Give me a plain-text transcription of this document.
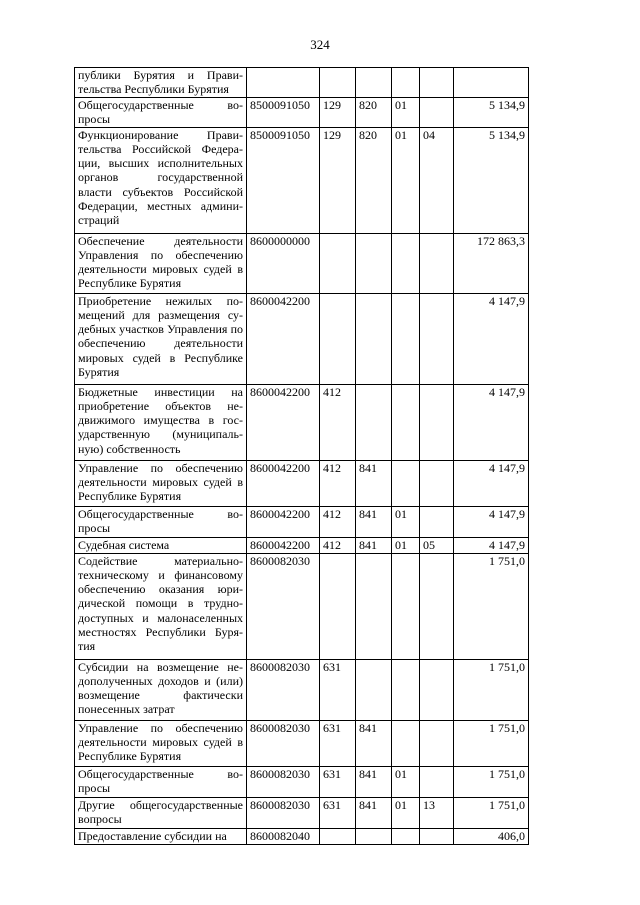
324
публики Бурятия и Прави-тельства Республики Бурятия						
Общегосударственные во-просы	8500091050	129	820	01		5 134,9
Функционирование Прави-тельства Российской Федера-ции, высших исполнительных органов государственной власти субъектов Российской Федерации, местных админи-страций	8500091050	129	820	01	04	5 134,9
Обеспечение деятельности Управления по обеспечению деятельности мировых судей в Республике Бурятия	8600000000					172 863,3
Приобретение нежилых по-мещений для размещения су-дебных участков Управления по обеспечению деятельности мировых судей в Республике Бурятия	8600042200					4 147,9
Бюджетные инвестиции на приобретение объектов не-движимого имущества в гос-ударственную (муниципаль-ную) собственность	8600042200	412				4 147,9
Управление по обеспечению деятельности мировых судей в Республике Бурятия	8600042200	412	841			4 147,9
Общегосударственные во-просы	8600042200	412	841	01		4 147,9
Судебная система	8600042200	412	841	01	05	4 147,9
Содействие материально-техническому и финансовому обеспечению оказания юри-дической помощи в трудно-доступных и малонаселенных местностях Республики Буря-тия	8600082030					1 751,0
Субсидии на возмещение не-дополученных доходов и (или) возмещение фактически понесенных затрат	8600082030	631				1 751,0
Управление по обеспечению деятельности мировых судей в Республике Бурятия	8600082030	631	841			1 751,0
Общегосударственные во-просы	8600082030	631	841	01		1 751,0
Другие общегосударственные вопросы	8600082030	631	841	01	13	1 751,0
Предоставление субсидии на	8600082040					406,0
